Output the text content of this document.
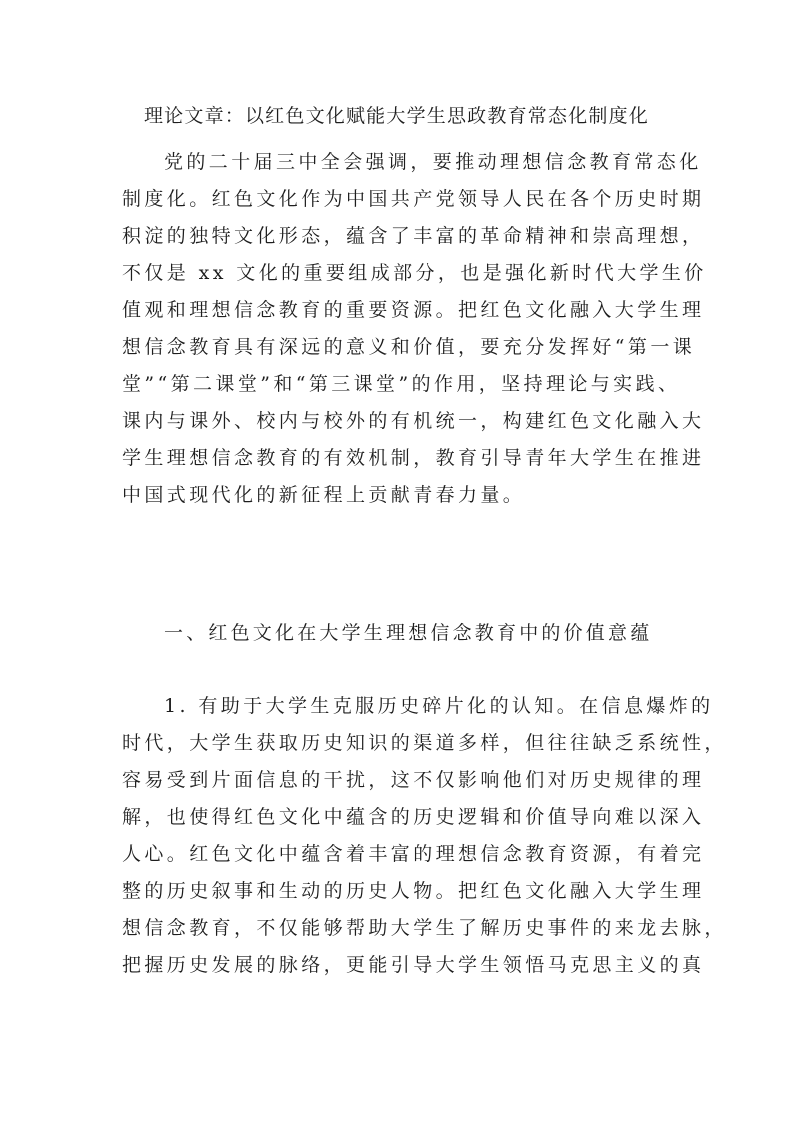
理论文章：以红色文化赋能大学生思政教育常态化制度化
党的二十届三中全会强调，要推动理想信念教育常态化
制度化。红色文化作为中国共产党领导人民在各个历史时期
积淀的独特文化形态，蕴含了丰富的革命精神和崇高理想，
不仅是 xx 文化的重要组成部分，也是强化新时代大学生价
值观和理想信念教育的重要资源。把红色文化融入大学生理
想信念教育具有深远的意义和价值，要充分发挥好“第一课
堂”“第二课堂”和“第三课堂”的作用，坚持理论与实践、
课内与课外、校内与校外的有机统一，构建红色文化融入大
学生理想信念教育的有效机制，教育引导青年大学生在推进
中国式现代化的新征程上贡献青春力量。
一、红色文化在大学生理想信念教育中的价值意蕴
1. 有助于大学生克服历史碎片化的认知。在信息爆炸的
时代，大学生获取历史知识的渠道多样，但往往缺乏系统性，
容易受到片面信息的干扰，这不仅影响他们对历史规律的理
解，也使得红色文化中蕴含的历史逻辑和价值导向难以深入
人心。红色文化中蕴含着丰富的理想信念教育资源，有着完
整的历史叙事和生动的历史人物。把红色文化融入大学生理
想信念教育，不仅能够帮助大学生了解历史事件的来龙去脉，
把握历史发展的脉络，更能引导大学生领悟马克思主义的真
